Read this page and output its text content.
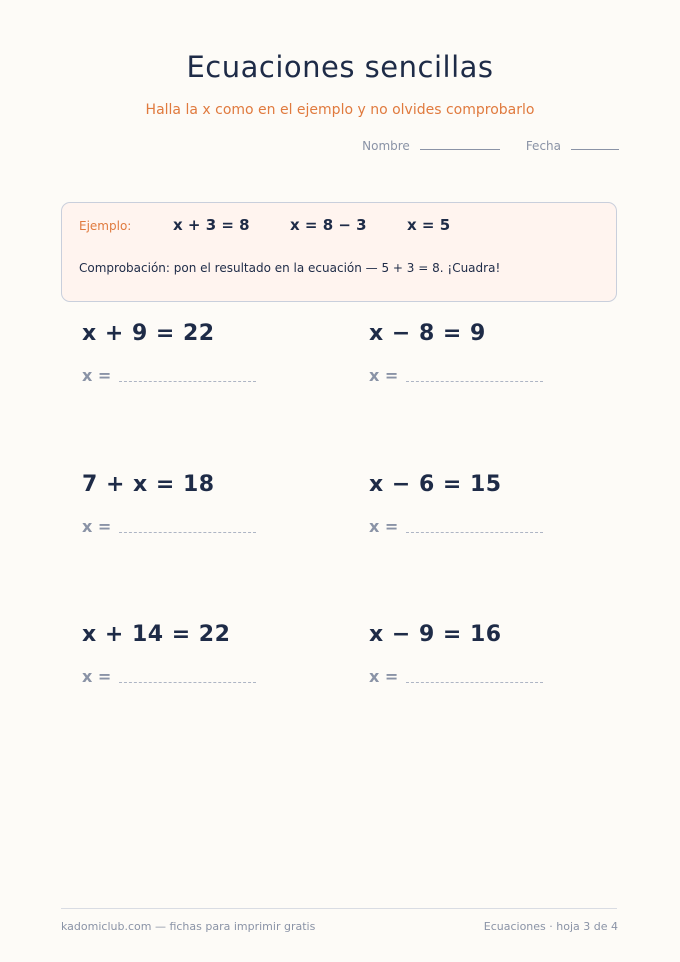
Ecuaciones sencillas
Halla la x como en el ejemplo y no olvides comprobarlo
Nombre	Fecha
Ejemplo:	x + 3 = 8	x = 8 − 3	x = 5
Comprobación: pon el resultado en la ecuación — 5 + 3 = 8. ¡Cuadra!
x + 9 = 22
x =
x − 8 = 9
x =
7 + x = 18
x =
x − 6 = 15
x =
x + 14 = 22
x =
x − 9 = 16
x =
kadomiclub.com — fichas para imprimir gratis	Ecuaciones · hoja 3 de 4
